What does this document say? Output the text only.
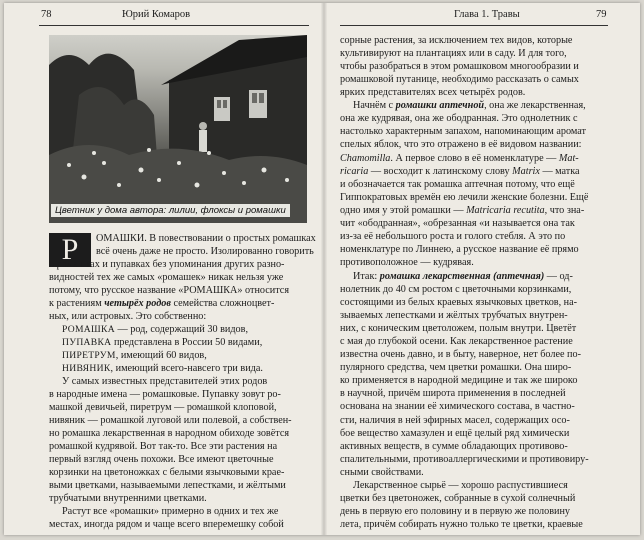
78	Юрий Комаров
Цветник у дома автора: лилии, флоксы и ромашки
Р	ОМАШКИ. В повествовании о простых ромашках
всё очень даже не просто. Изолированно говорить
о ромашках и пупавках без упоминания других разно-
видностей тех же самых «ромашек» никак нельзя уже
потому, что русское название «РОМАШКА» относится
к растениям четырёх родов семейства сложноцвет-
ных, или астровых. Это собственно:
РОМАШКА — род, содержащий 30 видов,
ПУПАВКА представлена в России 50 видами,
ПИРЕТРУМ, имеющий 60 видов,
НИВЯНИК, имеющий всего-навсего три вида.
У самых известных представителей этих родов
в народные имена — ромашковые. Пупавку зовут ро-
машкой девичьей, пиретрум — ромашкой клоповой,
нивяник — ромашкой луговой или полевой, а собствен-
но ромашка лекарственная в народном обиходе зовётся
ромашкой кудрявой. Вот так-то. Все эти растения на
первый взгляд очень похожи. Все имеют цветочные
корзинки на цветоножках с белыми язычковыми крае-
выми цветками, называемыми лепестками, и жёлтыми
трубчатыми внутренними цветками.
Растут все «ромашки» примерно в одних и тех же
местах, иногда рядом и чаще всего вперемешку собой
Глава 1. Травы	79
сорные растения, за исключением тех видов, которые
культивируют на плантациях или в саду. И для того,
чтобы разобраться в этом ромашковом многообразии и
ромашковой путанице, необходимо рассказать о самых
ярких представителях всех четырёх родов.
Начнём с ромашки аптечной, она же лекарственная,
она же кудрявая, она же ободранная. Это однолетник с
настолько характерным запахом, напоминающим аромат
спелых яблок, что это отражено в её видовом названии:
Chamomilla. А первое слово в её номенклатуре — Mat-
ricaria — восходит к латинскому слову Matrix — матка
и обозначается так ромашка аптечная потому, что ещё
Гиппократовых времён ею лечили женские болезни. Ещё
одно имя у этой ромашки — Matricaria recutita, что зна-
чит «ободранная», «обрезанная «и называется она так
из-за её небольшого роста и голого стебля. А это по
номенклатуре по Линнею, а русское название её прямо
противоположное — кудрявая.
Итак: ромашка лекарственная (аптечная) — од-
нолетник до 40 см ростом с цветочными корзинками,
состоящими из белых краевых язычковых цветков, на-
зываемых лепестками и жёлтых трубчатых внутрен-
них, с коническим цветоложем, полым внутри. Цветёт
с мая до глубокой осени. Как лекарственное растение
известна очень давно, и в быту, наверное, нет более по-
пулярного средства, чем цветки ромашки. Она широ-
ко применяется в народной медицине и так же широко
в научной, причём широта применения в последней
основана на знании её химического состава, в частно-
сти, наличия в ней эфирных масел, содержащих осо-
бое вещество хамазулен и ещё целый ряд химически
активных веществ, в сумме обладающих противово-
спалительными, противоаллергическими и противовиру-
сными свойствами.
Лекарственное сырьё — хорошо распустившиеся
цветки без цветоножек, собранные в сухой солнечный
день в первую его половину и в первую же половину
лета, причём собирать нужно только те цветки, краевые
